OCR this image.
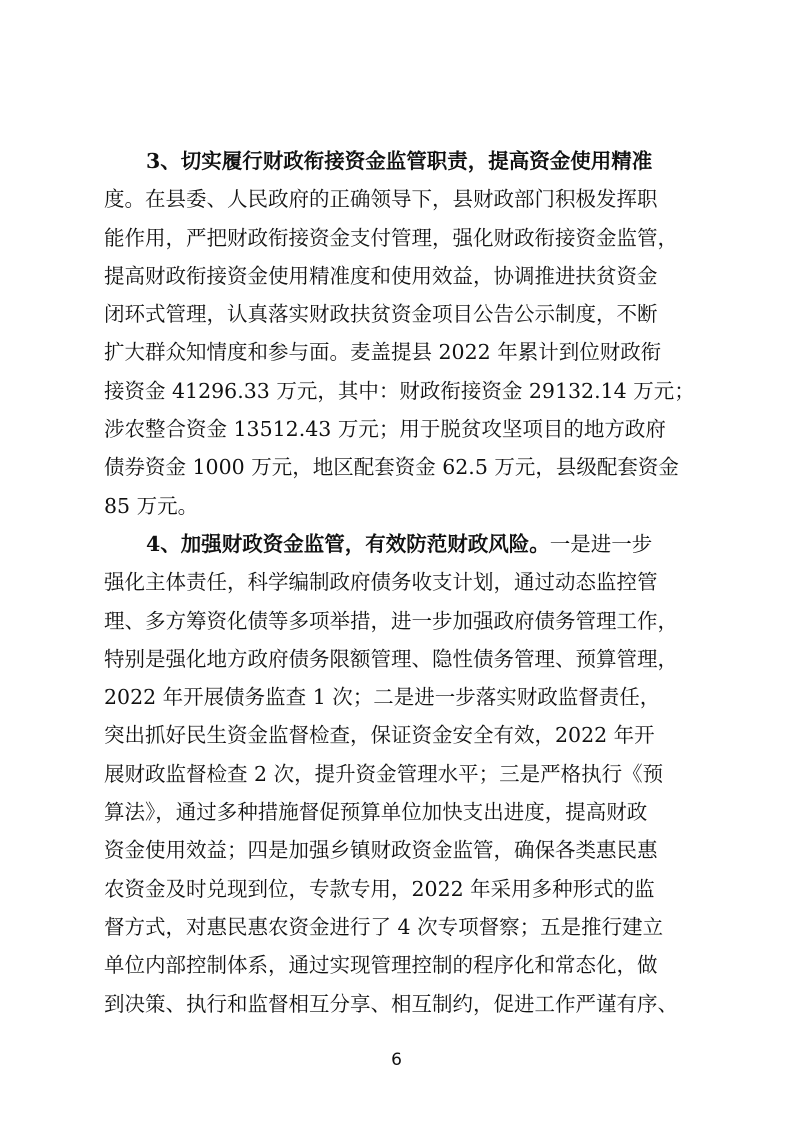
3、切实履行财政衔接资金监管职责，提高资金使用精准
度。在县委、人民政府的正确领导下，县财政部门积极发挥职
能作用，严把财政衔接资金支付管理，强化财政衔接资金监管，
提高财政衔接资金使用精准度和使用效益，协调推进扶贫资金
闭环式管理，认真落实财政扶贫资金项目公告公示制度，不断
扩大群众知情度和参与面。麦盖提县 2022 年累计到位财政衔
接资金 41296.33 万元，其中：财政衔接资金 29132.14 万元；
涉农整合资金 13512.43 万元；用于脱贫攻坚项目的地方政府
债券资金 1000 万元，地区配套资金 62.5 万元，县级配套资金
85 万元。
4、加强财政资金监管，有效防范财政风险。 一是进一步
强化主体责任，科学编制政府债务收支计划，通过动态监控管
理、多方筹资化债等多项举措，进一步加强政府债务管理工作，
特别是强化地方政府债务限额管理、隐性债务管理、预算管理，
2022 年开展债务监查 1 次；二是进一步落实财政监督责任，
突出抓好民生资金监督检查，保证资金安全有效，2022 年开
展财政监督检查 2 次，提升资金管理水平；三是严格执行《预
算法》，通过多种措施督促预算单位加快支出进度，提高财政
资金使用效益；四是加强乡镇财政资金监管，确保各类惠民惠
农资金及时兑现到位，专款专用，2022 年采用多种形式的监
督方式，对惠民惠农资金进行了 4 次专项督察；五是推行建立
单位内部控制体系，通过实现管理控制的程序化和常态化，做
到决策、执行和监督相互分享、相互制约，促进工作严谨有序、
6
